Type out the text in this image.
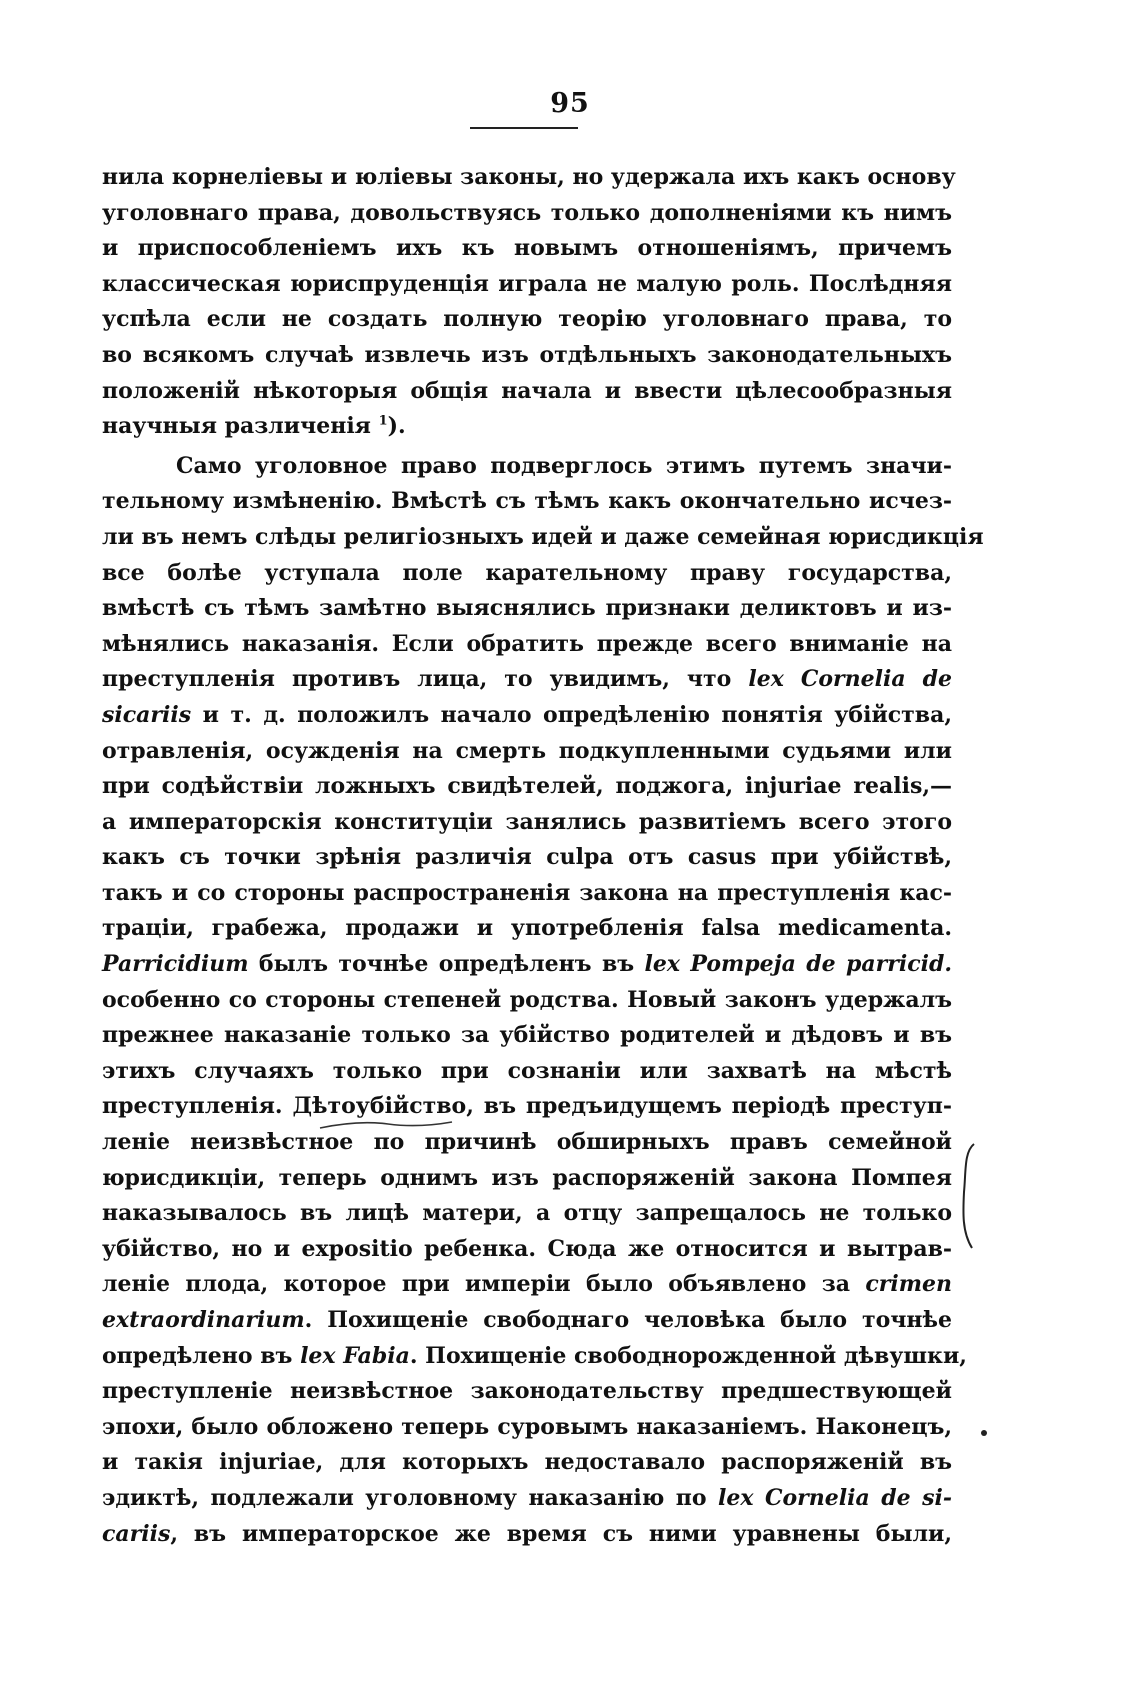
95
нила корнеліевы и юліевы законы, но удержала ихъ какъ основу
уголовнаго права, довольствуясь только дополненіями къ нимъ
и приспособленіемъ ихъ къ новымъ отношеніямъ, причемъ
классическая юриспруденція играла не малую роль. Послѣдняя
успѣла если не создать полную теорію уголовнаго права, то
во всякомъ случаѣ извлечь изъ отдѣльныхъ законодательныхъ
положеній нѣкоторыя общія начала и ввести цѣлесообразныя
научныя различенія $^1$).
Само уголовное право подверглось этимъ путемъ значи-
тельному измѣненію. Вмѣстѣ съ тѣмъ какъ окончательно исчез-
ли въ немъ слѣды религіозныхъ идей и даже семейная юрисдикція
все болѣе уступала поле карательному праву государства,
вмѣстѣ съ тѣмъ замѣтно выяснялись признаки деликтовъ и из-
мѣнялись наказанія. Если обратить прежде всего вниманіе на
преступленія противъ лица, то увидимъ, что lex Cornelia de
sicariis и т. д. положилъ начало опредѣленію понятія убійства,
отравленія, осужденія на смерть подкупленными судьями или
при содѣйствіи ложныхъ свидѣтелей, поджога, injuriae realis,—
а императорскія конституціи занялись развитіемъ всего этого
какъ съ точки зрѣнія различія culpa отъ casus при убійствѣ,
такъ и со стороны распространенія закона на преступленія кас-
траціи, грабежа, продажи и употребленія falsa medicamenta.
Parricidium былъ точнѣе опредѣленъ въ lex Pompeja de parricid.
особенно со стороны степеней родства. Новый законъ удержалъ
прежнее наказаніе только за убійство родителей и дѣдовъ и въ
этихъ случаяхъ только при сознаніи или захватѣ на мѣстѣ
преступленія. Дѣтоубійство, въ предъидущемъ періодѣ преступ-
леніе неизвѣстное по причинѣ обширныхъ правъ семейной
юрисдикціи, теперь однимъ изъ распоряженій закона Помпея
наказывалось въ лицѣ матери, а отцу запрещалось не только
убійство, но и expositio ребенка. Сюда же относится и вытрав-
леніе плода, которое при имперіи было объявлено за crimen
extraordinarium. Похищеніе свободнаго человѣка было точнѣе
опредѣлено въ lex Fabia. Похищеніе свободнорожденной дѣвушки,
преступленіе неизвѣстное законодательству предшествующей
эпохи, было обложено теперь суровымъ наказаніемъ. Наконецъ,
и такія injuriae, для которыхъ недоставало распоряженій въ
эдиктѣ, подлежали уголовному наказанію по lex Cornelia de si-
cariis, въ императорское же время съ ними уравнены были,
